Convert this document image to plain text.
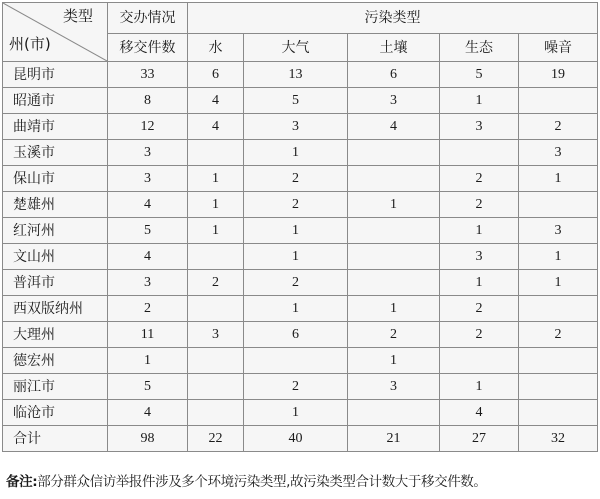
类型
州(市)	交办情况	污染类型				
	移交件数	水	大气	土壤	生态	噪音
昆明市	33	6	13	6	5	19
昭通市	8	4	5	3	1	
曲靖市	12	4	3	4	3	2
玉溪市	3		1			3
保山市	3	1	2		2	1
楚雄州	4	1	2	1	2	
红河州	5	1	1		1	3
文山州	4		1		3	1
普洱市	3	2	2		1	1
西双版纳州	2		1	1	2	
大理州	11	3	6	2	2	2
德宏州	1			1		
丽江市	5		2	3	1	
临沧市	4		1		4	
合计	98	22	40	21	27	32
备注:部分群众信访举报件涉及多个环境污染类型,故污染类型合计数大于移交件数。
